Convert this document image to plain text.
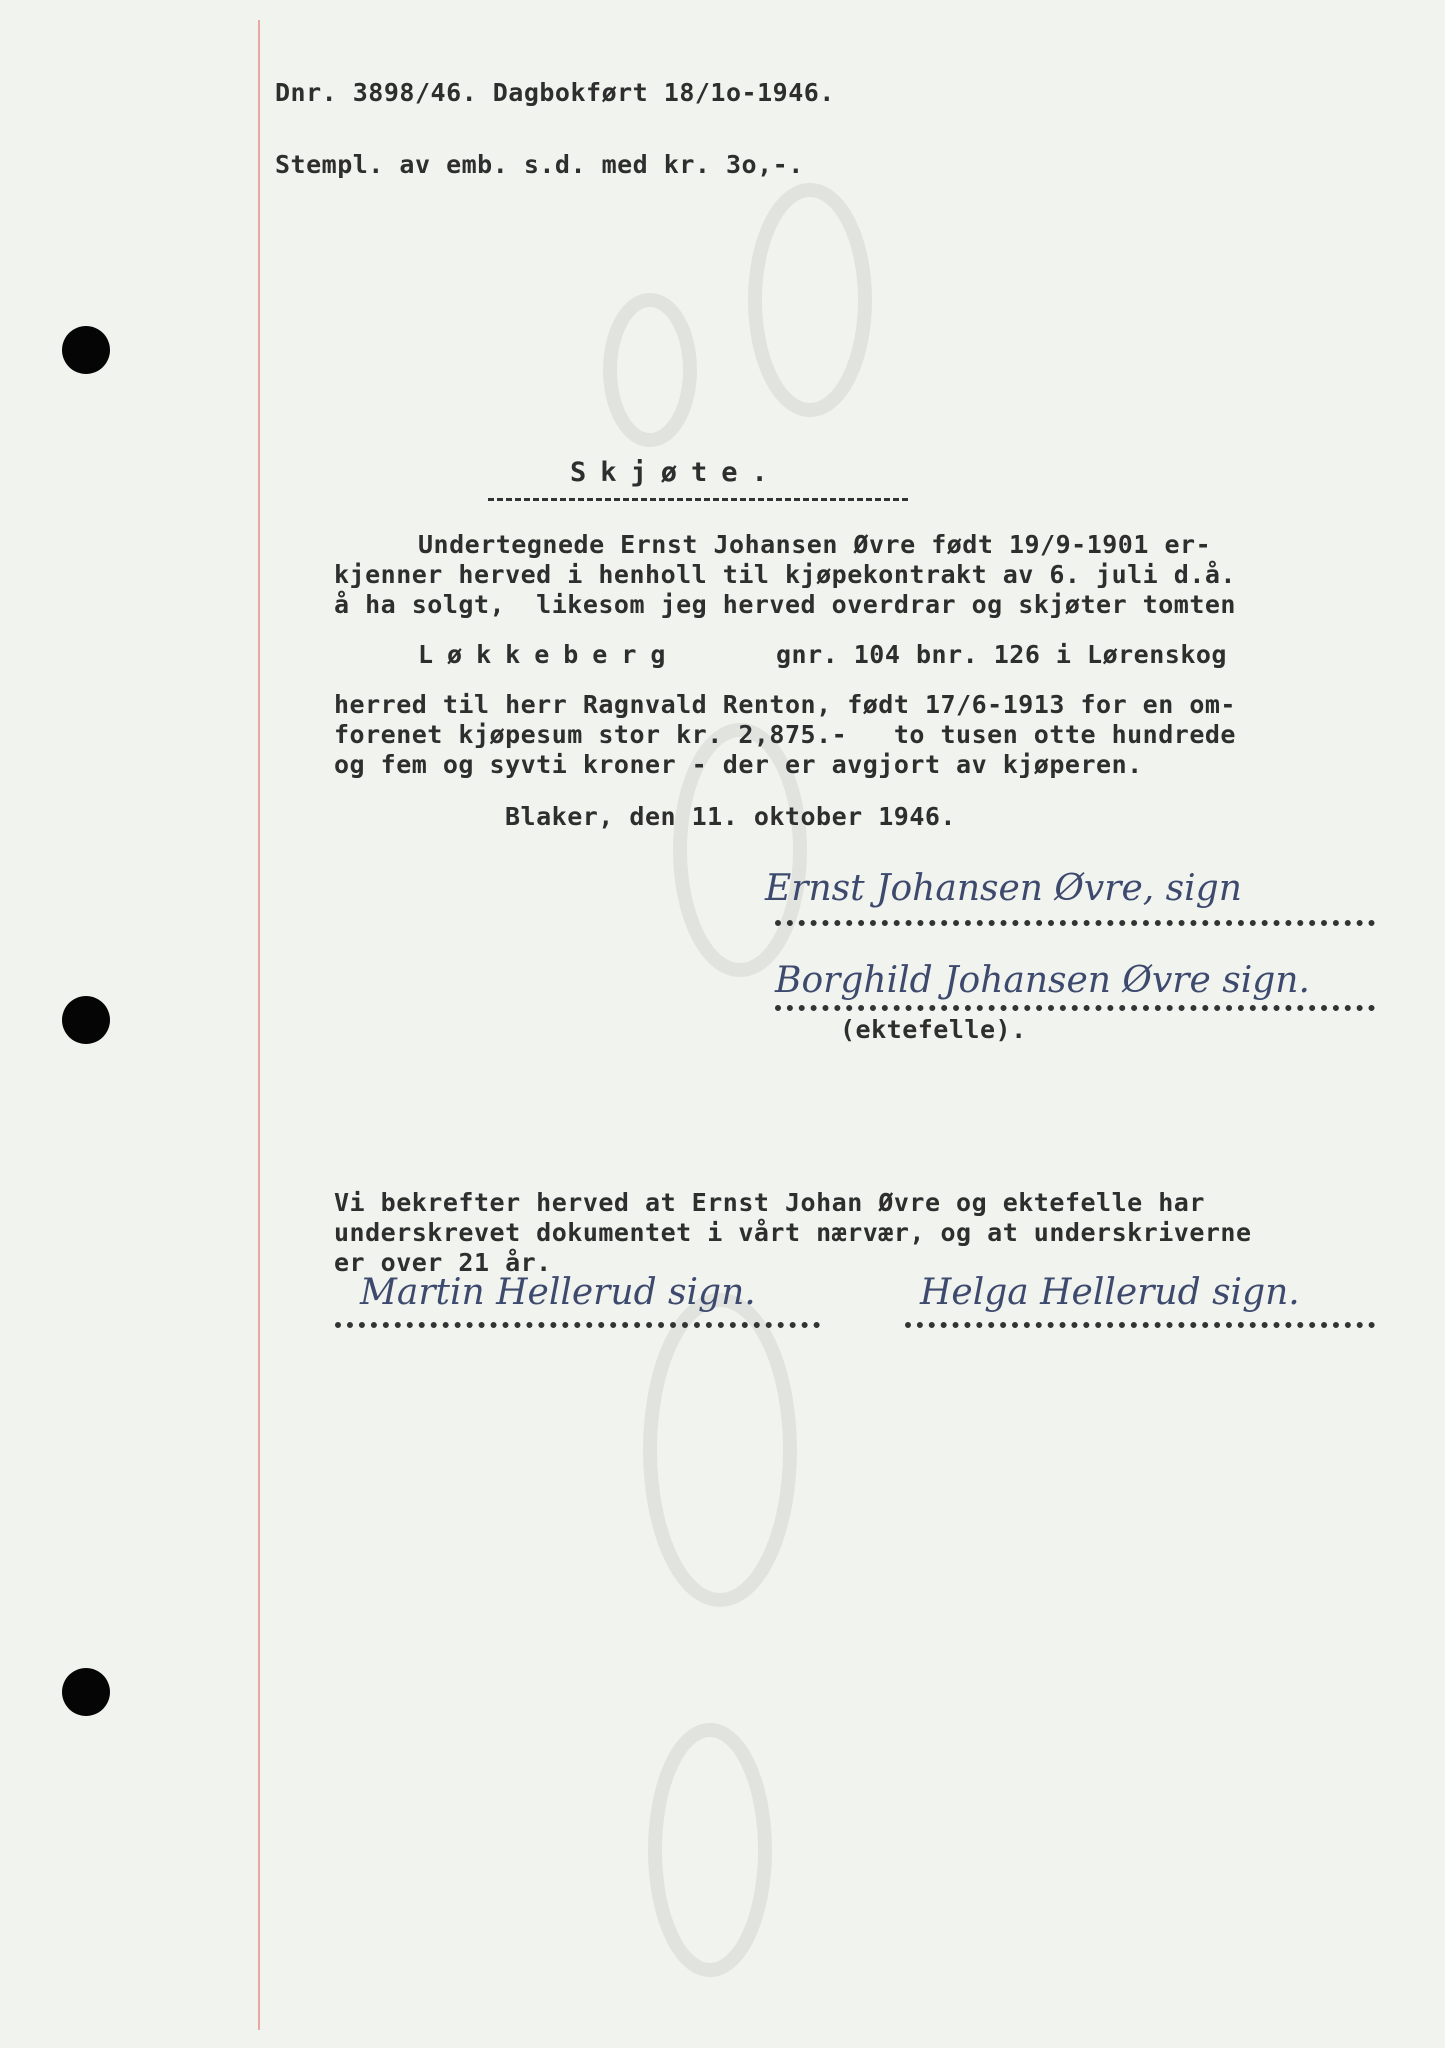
Dnr. 3898/46. Dagbokført 18/1o-1946.

Stempl. av emb. s.d. med kr. 3o,-.

Skjøte.

Undertegnede Ernst Johansen Øvre født 19/9-1901 er-

kjenner herved i henholl til kjøpekontrakt av 6. juli d.å.

å ha solgt,  likesom jeg herved overdrar og skjøter tomten

Løkkeberg	gnr. 104 bnr. 126 i Lørenskog

herred til herr Ragnvald Renton, født 17/6-1913 for en om-

forenet kjøpesum stor kr. 2,875.-   to tusen otte hundrede

og fem og syvti kroner - der er avgjort av kjøperen.

Blaker, den 11. oktober 1946.

Ernst Johansen Øvre, sign

Borghild Johansen Øvre sign.

(ektefelle).

Vi bekrefter herved at Ernst Johan Øvre og ektefelle har

underskrevet dokumentet i vårt nærvær, og at underskriverne

er over 21 år.

Martin Hellerud sign.	Helga Hellerud sign.
